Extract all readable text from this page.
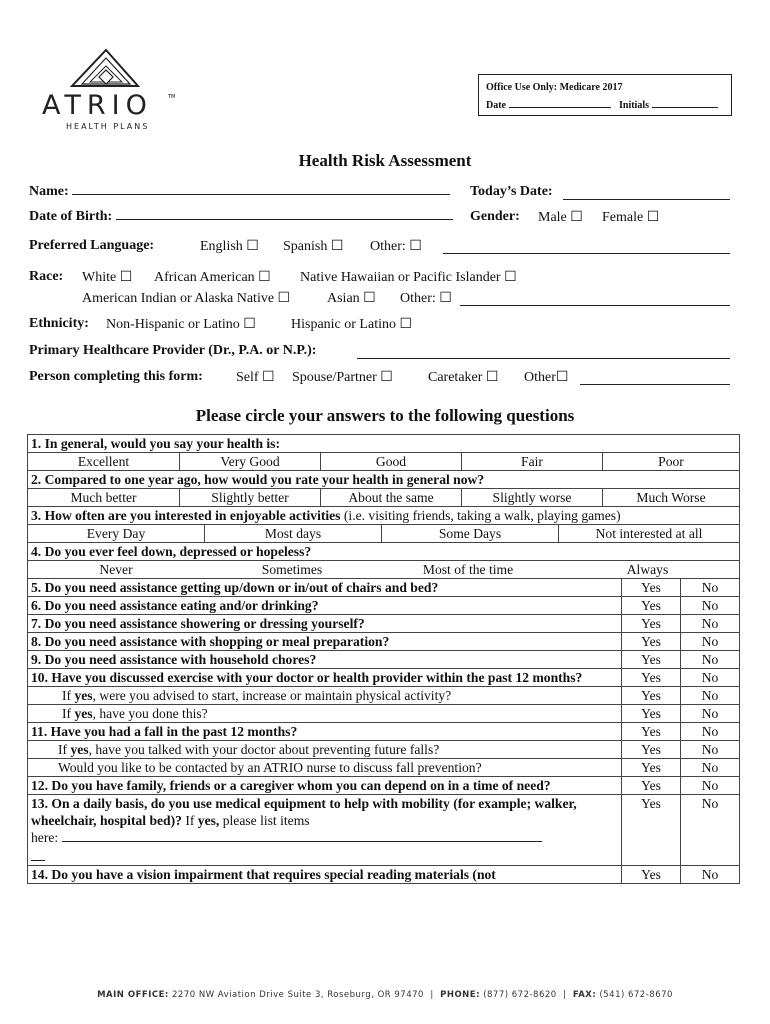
ATRIO	TM
HEALTH PLANS
Office Use Only: Medicare 2017
Date	Initials
Health Risk Assessment
Name:	Today’s Date:
Date of Birth:	Gender: Male ☐ Female ☐
Preferred Language:	English ☐ Spanish ☐ Other: ☐
Race: White ☐ African American ☐ Native Hawaiian or Pacific Islander ☐
American Indian or Alaska Native ☐	Asian ☐ Other: ☐
Ethnicity: Non-Hispanic or Latino ☐	Hispanic or Latino ☐
Primary Healthcare Provider (Dr., P.A. or N.P.):
Person completing this form: Self ☐ Spouse/Partner ☐	Caretaker ☐ Other☐
Please circle your answers to the following questions
1. In general, would you say your health is:

Excellent	Very Good	Good	Fair	Poor

2. Compared to one year ago, how would you rate your health in general now?

Much better	Slightly better	About the same	Slightly worse	Much Worse

3. How often are you interested in enjoyable activities (i.e. visiting friends, taking a walk, playing games)

Every Day	Most days	Some Days	Not interested at all

4. Do you ever feel down, depressed or hopeless?

Never	Sometimes	Most of the time	Always

5. Do you need assistance getting up/down or in/out of chairs and bed?	Yes	No
6. Do you need assistance eating and/or drinking?	Yes	No
7. Do you need assistance showering or dressing yourself?	Yes	No
8. Do you need assistance with shopping or meal preparation?	Yes	No
9. Do you need assistance with household chores?	Yes	No
10. Have you discussed exercise with your doctor or health provider within the past 12 months?	Yes	No
If yes, were you advised to start, increase or maintain physical activity?	Yes	No
If yes, have you done this?	Yes	No
11. Have you had a fall in the past 12 months?	Yes	No
If yes, have you talked with your doctor about preventing future falls?	Yes	No
Would you like to be contacted by an ATRIO nurse to discuss fall prevention?	Yes	No
12. Do you have family, friends or a caregiver whom you can depend on in a time of need?	Yes	No
13. On a daily basis, do you use medical equipment to help with mobility (for example; walker, wheelchair, hospital bed)? If yes, please list items
here:
	Yes	No
14. Do you have a vision impairment that requires special reading materials (not	Yes	No
MAIN OFFICE: 2270 NW Aviation Drive Suite 3, Roseburg, OR 97470  |  PHONE: (877) 672-8620  |  FAX: (541) 672-8670
